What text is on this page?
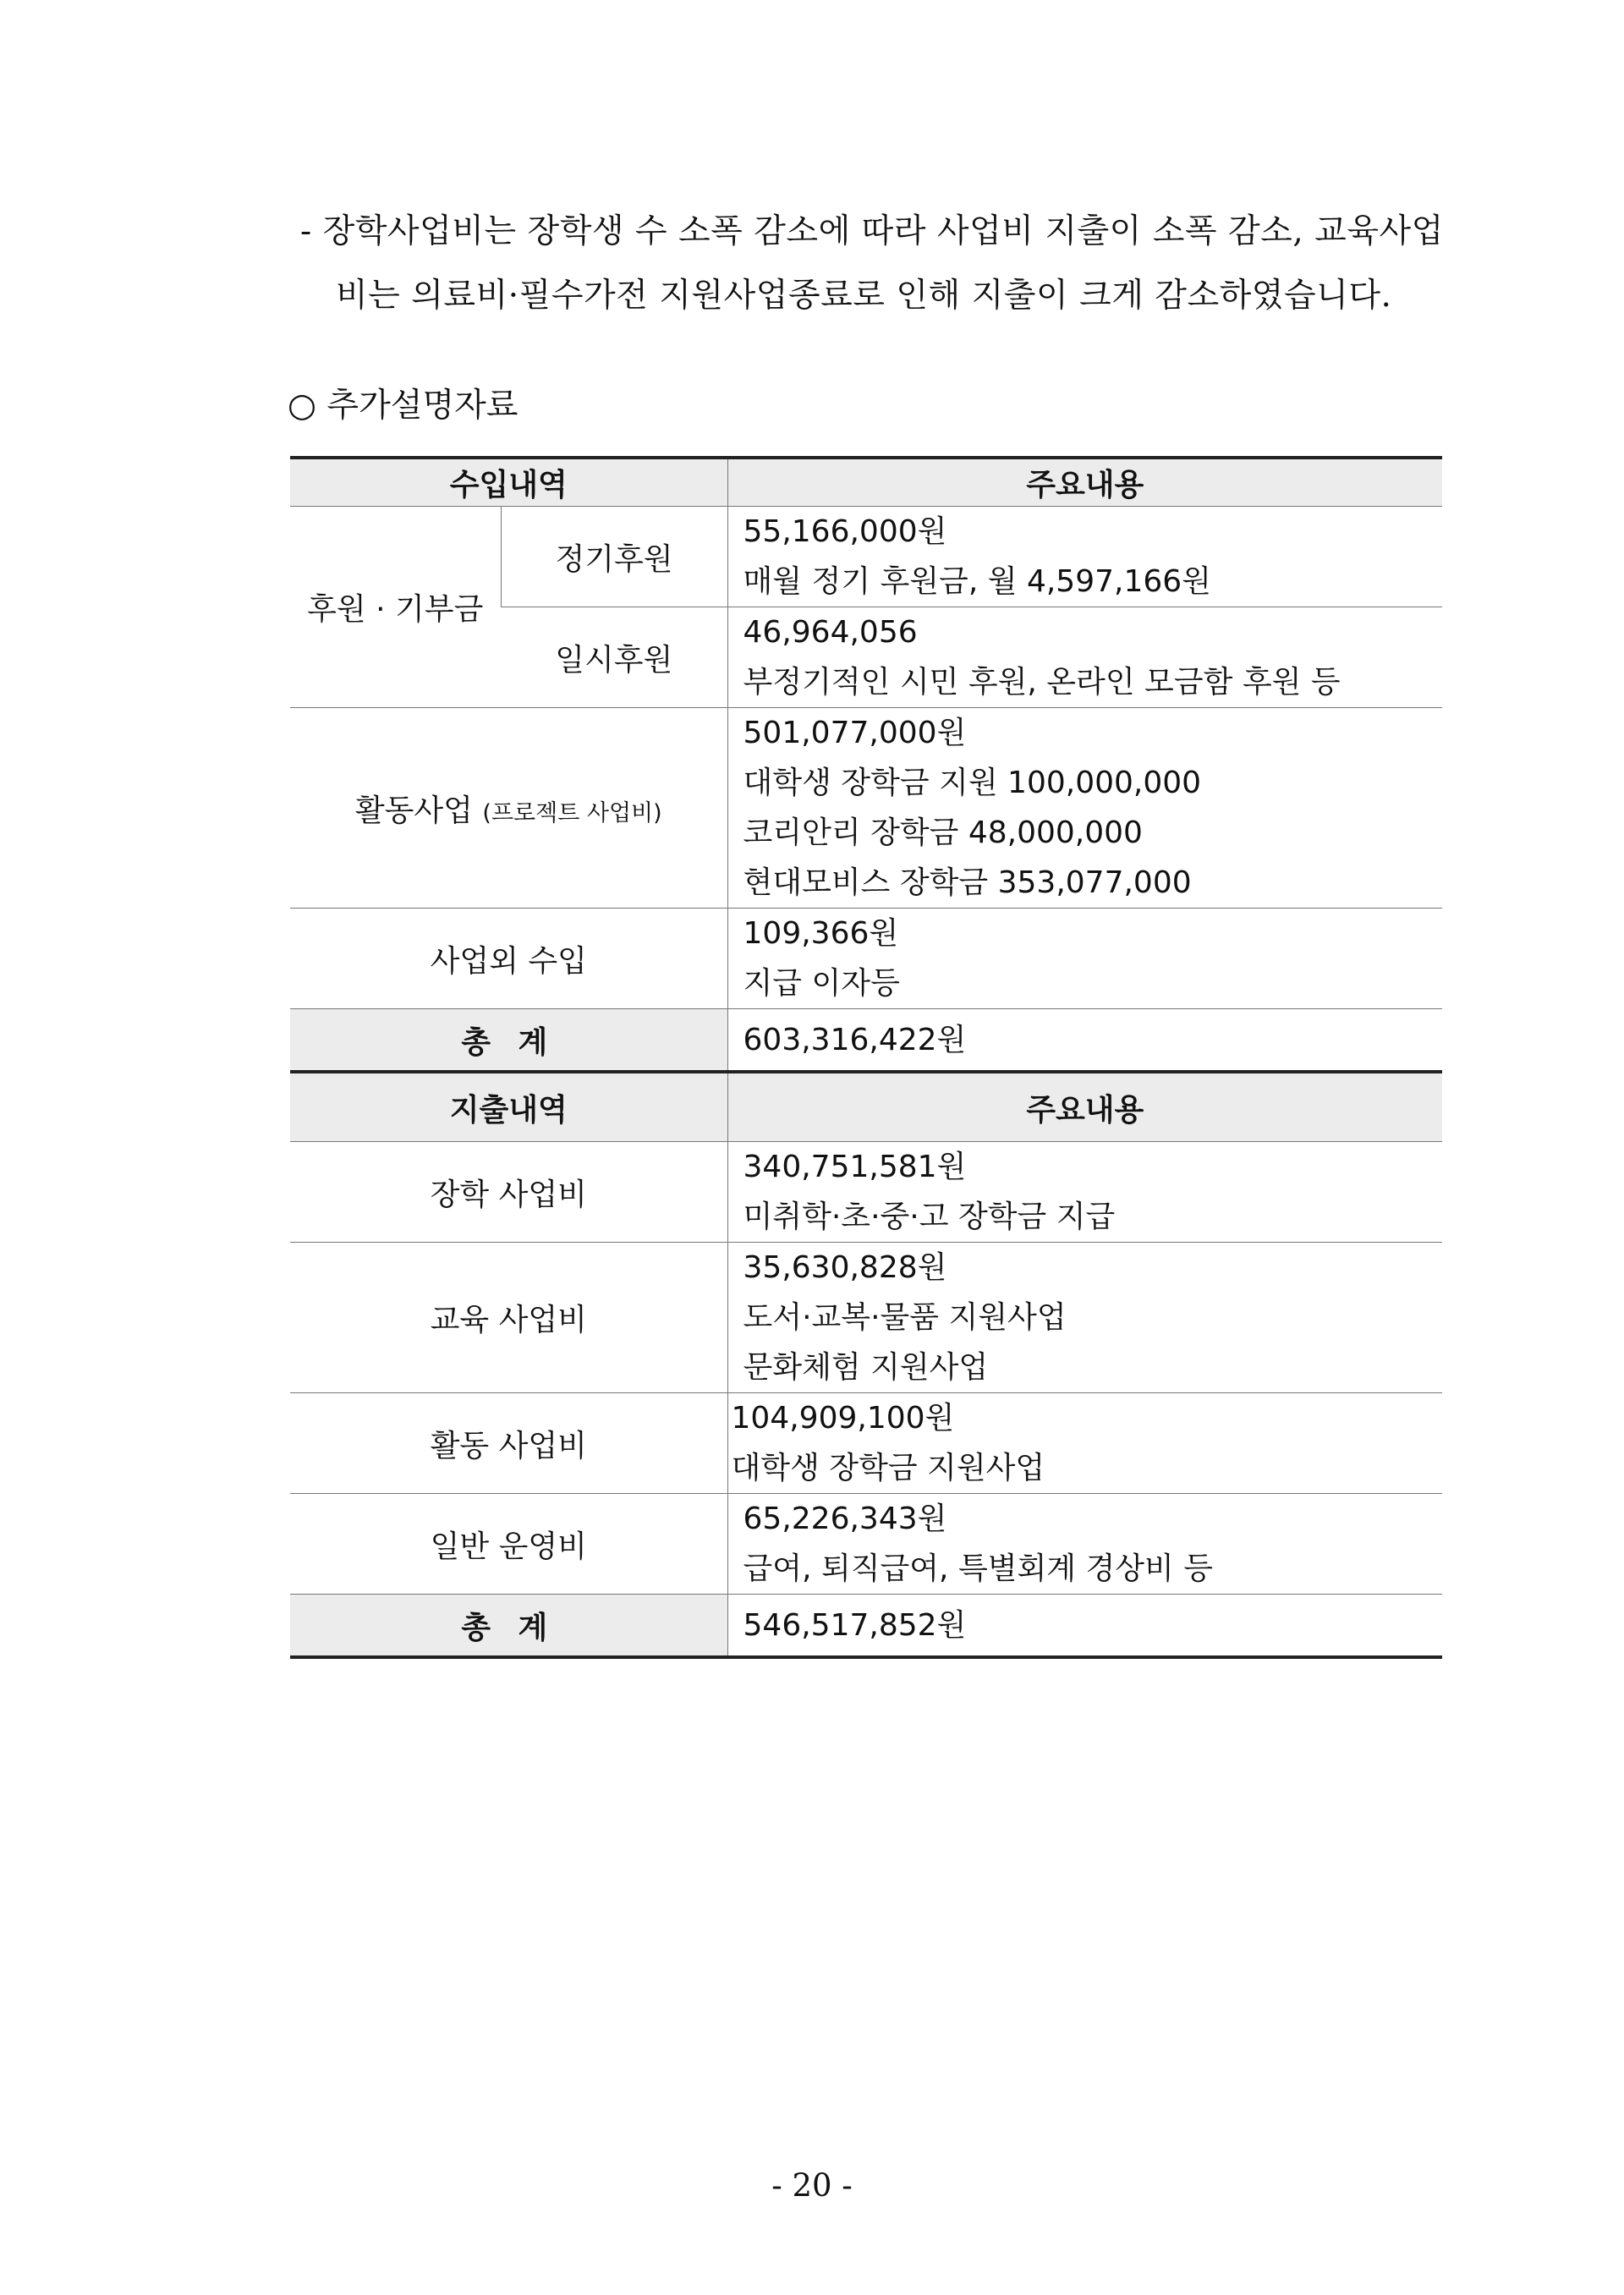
- 장학사업비는 장학생 수 소폭 감소에 따라 사업비 지출이 소폭 감소, 교육사업
비는 의료비·필수가전 지원사업종료로 인해 지출이 크게 감소하였습니다.
○ 추가설명자료
수입내역		주요내용
후원 · 기부금	정기후원	55,166,000원
매월 정기 후원금, 월 4,597,166원

	일시후원	46,964,056
부정기적인 시민 후원, 온라인 모금함 후원 등

활동사업 (프로젝트 사업비)		501,077,000원
대학생 장학금 지원 100,000,000
코리안리 장학금 48,000,000
현대모비스 장학금 353,077,000

사업외 수입		109,366원
지급 이자등

총 계		603,316,422원
지출내역		주요내용
장학 사업비		340,751,581원
미취학·초·중·고 장학금 지급

교육 사업비		35,630,828원
도서·교복·물품 지원사업
문화체험 지원사업

활동 사업비		104,909,100원
대학생 장학금 지원사업

일반 운영비		65,226,343원
급여, 퇴직급여, 특별회계 경상비 등

총 계		546,517,852원
- 20 -
